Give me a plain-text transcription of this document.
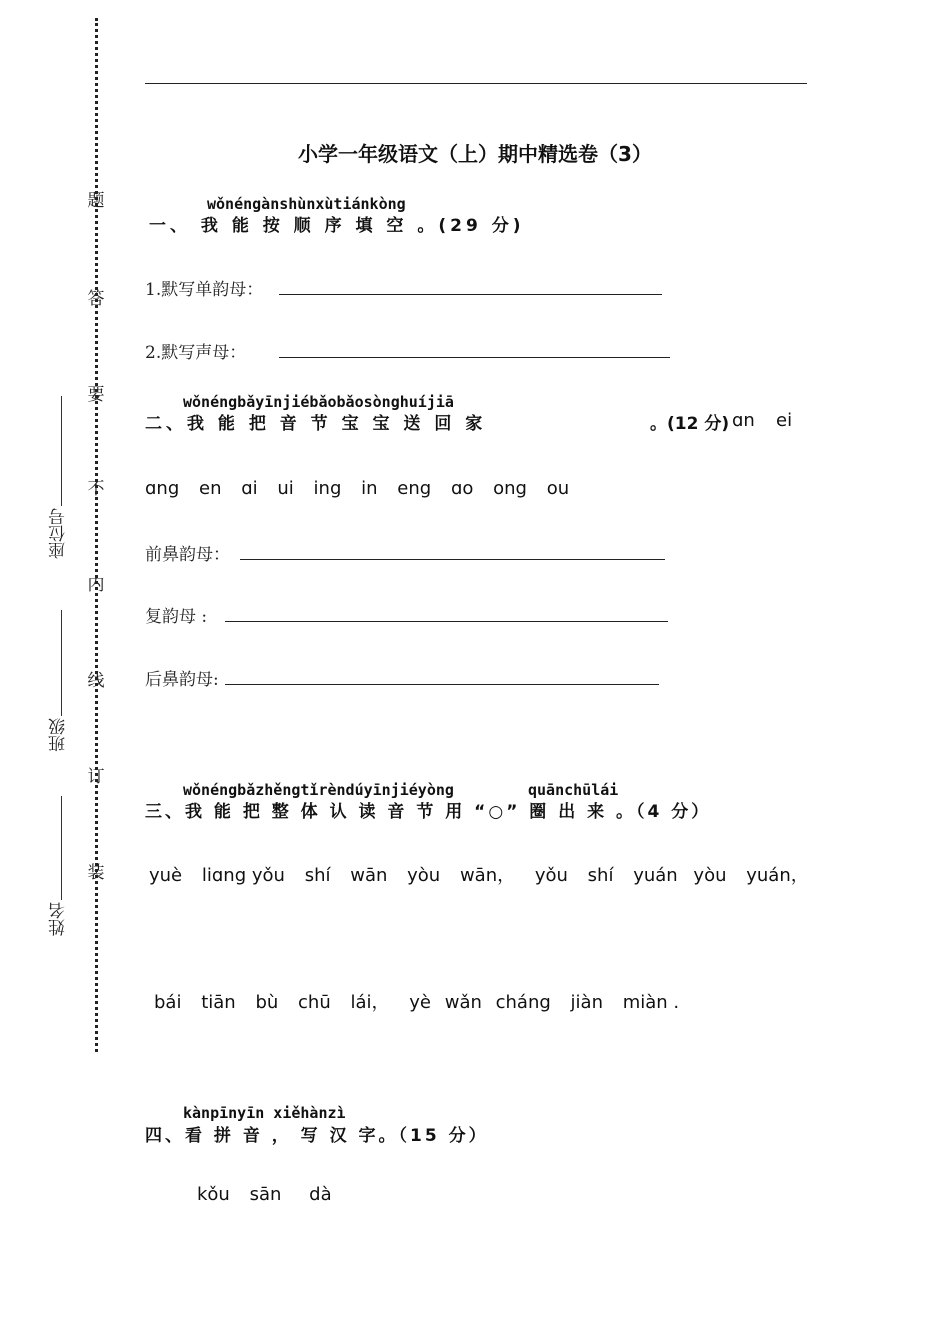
题
答
要
不
内
线
订
装
座位号
班级
姓名
小学一年级语文（上）期中精选卷（3）
wǒnéngànshùnxùtiánkòng
一、 我 能 按 顺 序 填 空 。(29 分)
1.默写单韵母：
2.默写声母：
wǒnéngbǎyīnjiébǎobǎosònghuíjiā
二、我 能 把 音 节 宝 宝 送 回 家	。(12 分) ɑn ei
ɑng en ɑi ui ing in eng ɑo ong ou
前鼻韵母：
复韵母 :
后鼻韵母:
wǒnéngbǎzhěngtǐrèndúyīnjiéyòng	quānchūlái
三、我 能 把 整 体 认 读 音 节 用 “○” 圈 出 来 。（4 分）
yuè liɑng yǒu shí wān yòu wān， yǒu shí yuán yòu yuán，
bái tiān bù chū lái， yè wǎn cháng jiàn miàn .
kànpīnyīn xiěhànzì
四、看 拼 音 ， 写 汉 字。（15 分）
kǒu sān dà
